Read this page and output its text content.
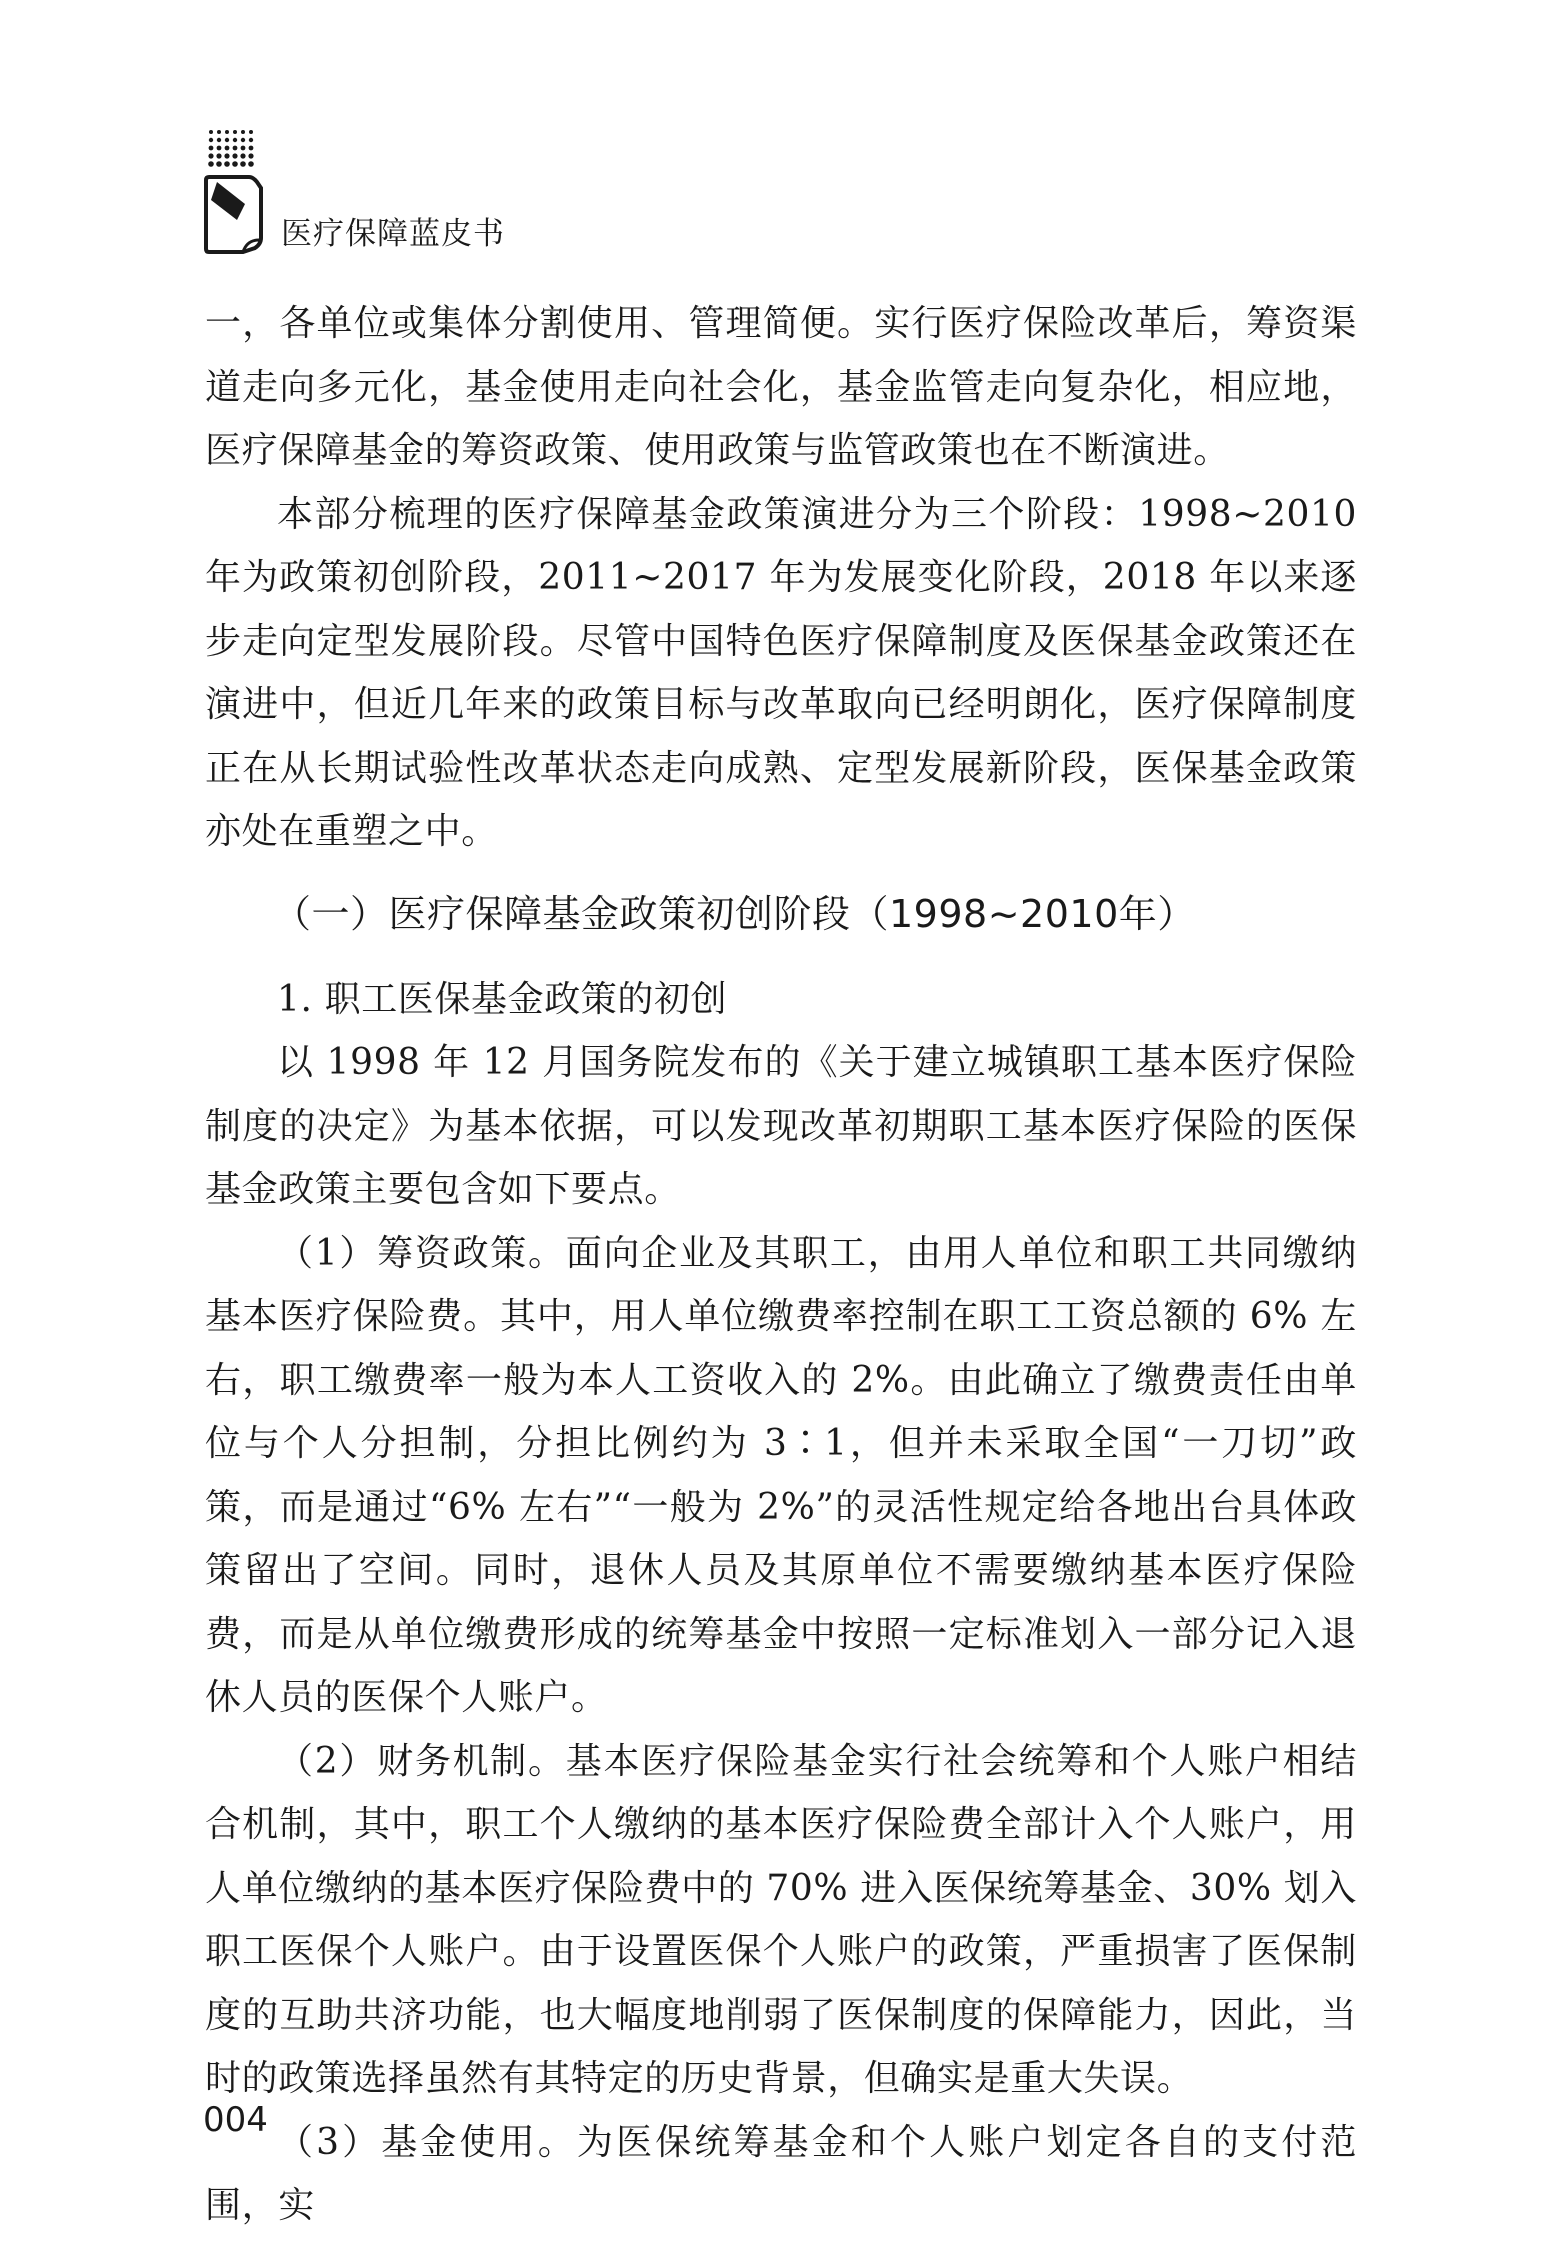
医疗保障蓝皮书

一，各单位或集体分割使用、管理简便。实行医疗保险改革后，筹资渠道走向多元化，基金使用走向社会化，基金监管走向复杂化，相应地，医疗保障基金的筹资政策、使用政策与监管政策也在不断演进。

本部分梳理的医疗保障基金政策演进分为三个阶段：1998~2010 年为政策初创阶段，2011~2017 年为发展变化阶段，2018 年以来逐步走向定型发展阶段。尽管中国特色医疗保障制度及医保基金政策还在演进中，但近几年来的政策目标与改革取向已经明朗化，医疗保障制度正在从长期试验性改革状态走向成熟、定型发展新阶段，医保基金政策亦处在重塑之中。

（一）医疗保障基金政策初创阶段（1998~2010年）

1. 职工医保基金政策的初创

以 1998 年 12 月国务院发布的《关于建立城镇职工基本医疗保险制度的决定》为基本依据，可以发现改革初期职工基本医疗保险的医保基金政策主要包含如下要点。

（1）筹资政策。面向企业及其职工，由用人单位和职工共同缴纳基本医疗保险费。其中，用人单位缴费率控制在职工工资总额的 6% 左右，职工缴费率一般为本人工资收入的 2%。由此确立了缴费责任由单位与个人分担制，分担比例约为 3∶1，但并未采取全国“一刀切”政策，而是通过“6% 左右”“一般为 2%”的灵活性规定给各地出台具体政策留出了空间。同时，退休人员及其原单位不需要缴纳基本医疗保险费，而是从单位缴费形成的统筹基金中按照一定标准划入一部分记入退休人员的医保个人账户。

（2）财务机制。基本医疗保险基金实行社会统筹和个人账户相结合机制，其中，职工个人缴纳的基本医疗保险费全部计入个人账户，用人单位缴纳的基本医疗保险费中的 70% 进入医保统筹基金、30% 划入职工医保个人账户。由于设置医保个人账户的政策，严重损害了医保制度的互助共济功能，也大幅度地削弱了医保制度的保障能力，因此，当时的政策选择虽然有其特定的历史背景，但确实是重大失误。

（3）基金使用。为医保统筹基金和个人账户划定各自的支付范围，实

004
